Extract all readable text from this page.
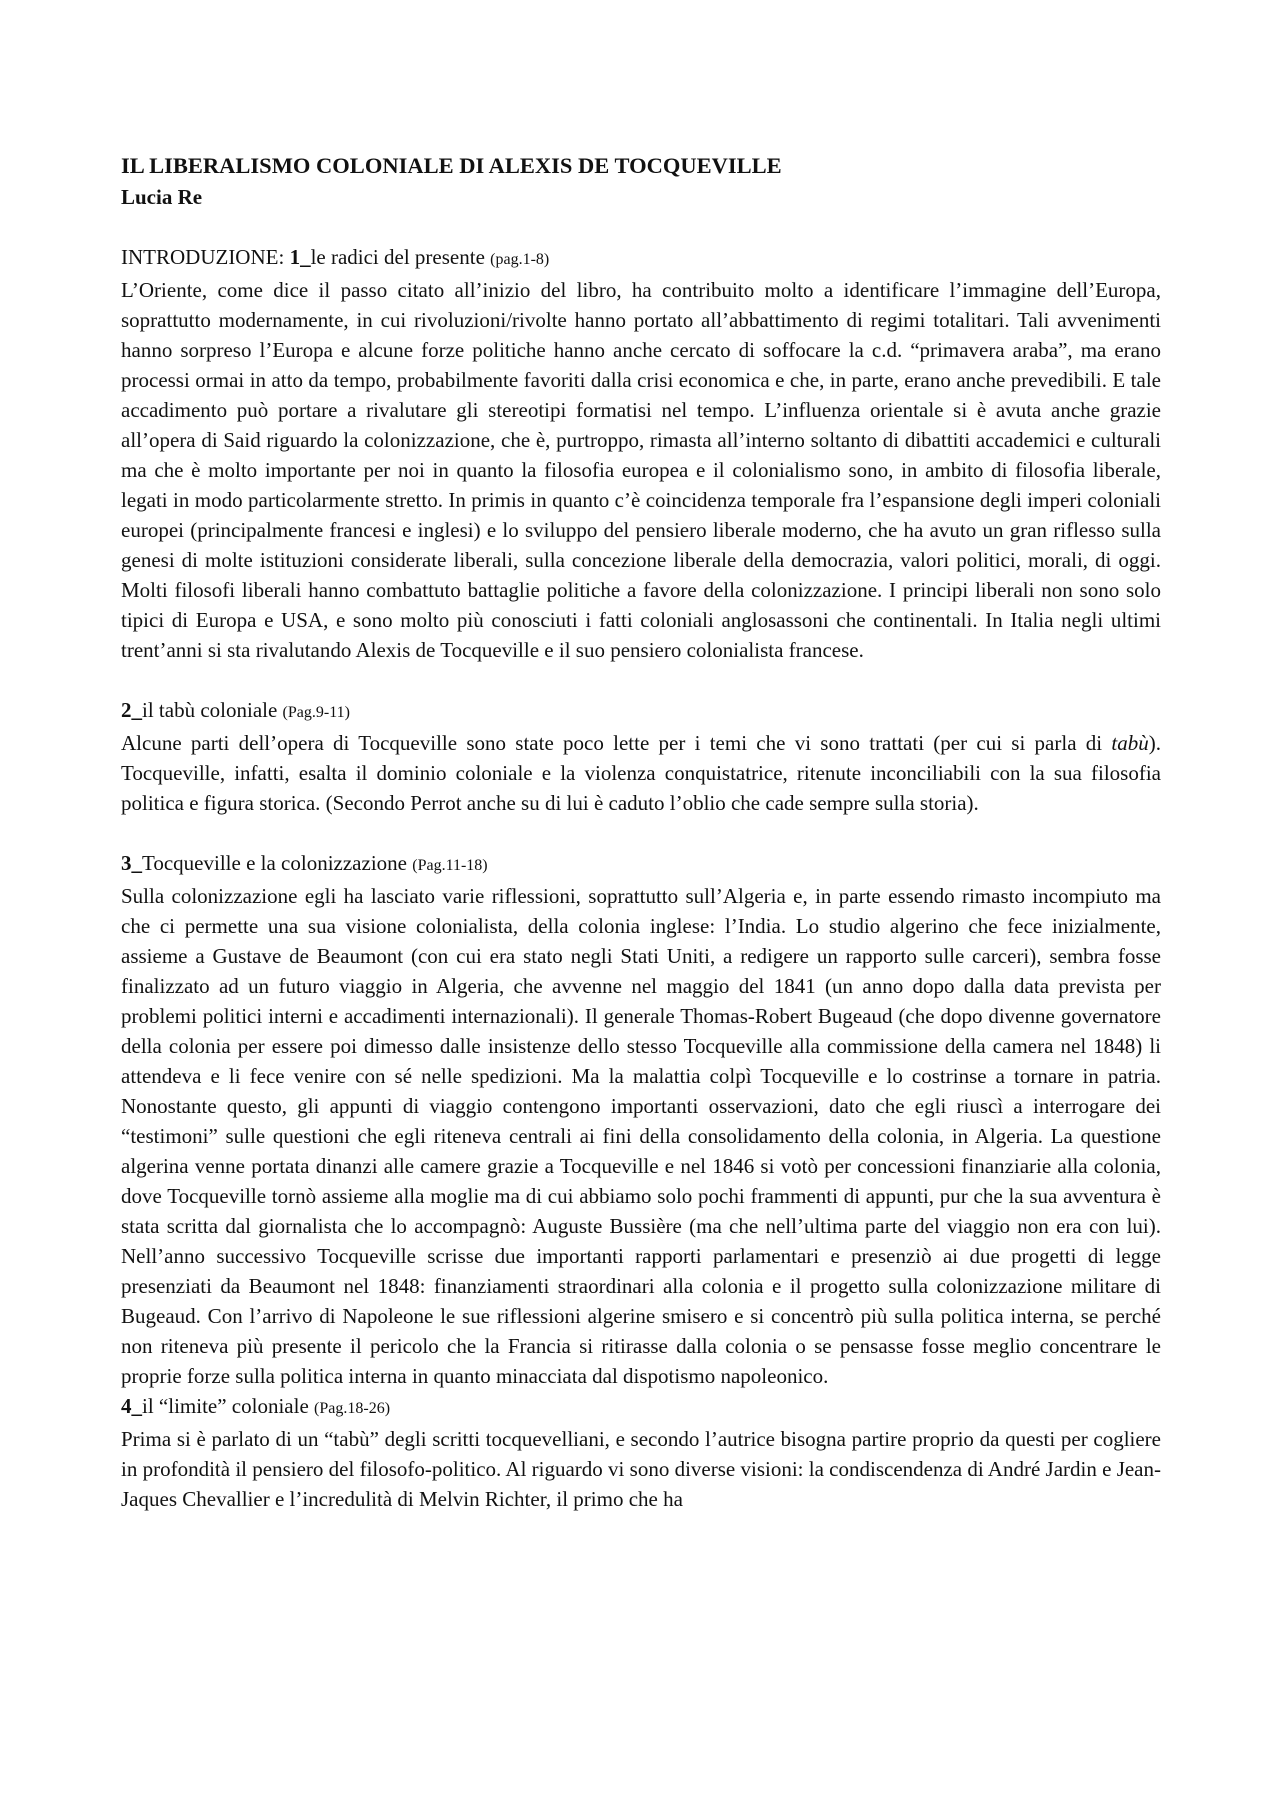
IL LIBERALISMO COLONIALE DI ALEXIS DE TOCQUEVILLE

Lucia Re

INTRODUZIONE: 1_le radici del presente (pag.1-8)

L’Oriente, come dice il passo citato all’inizio del libro, ha contribuito molto a identificare l’immagine dell’Europa, soprattutto modernamente, in cui rivoluzioni/rivolte hanno portato all’abbattimento di regimi totalitari. Tali avvenimenti hanno sorpreso l’Europa e alcune forze politiche hanno anche cercato di soffocare la c.d. “primavera araba”, ma erano processi ormai in atto da tempo, probabilmente favoriti dalla crisi economica e che, in parte, erano anche prevedibili. E tale accadimento può portare a rivalutare gli stereotipi formatisi nel tempo. L’influenza orientale si è avuta anche grazie all’opera di Said riguardo la colonizzazione, che è, purtroppo, rimasta all’interno soltanto di dibattiti accademici e culturali ma che è molto importante per noi in quanto la filosofia europea e il colonialismo sono, in ambito di filosofia liberale, legati in modo particolarmente stretto. In primis in quanto c’è coincidenza temporale fra l’espansione degli imperi coloniali europei (principalmente francesi e inglesi) e lo sviluppo del pensiero liberale moderno, che ha avuto un gran riflesso sulla genesi di molte istituzioni considerate liberali, sulla concezione liberale della democrazia, valori politici, morali, di oggi. Molti filosofi liberali hanno combattuto battaglie politiche a favore della colonizzazione. I principi liberali non sono solo tipici di Europa e USA, e sono molto più conosciuti i fatti coloniali anglosassoni che continentali. In Italia negli ultimi trent’anni si sta rivalutando Alexis de Tocqueville e il suo pensiero colonialista francese.

2_il tabù coloniale (Pag.9-11)

Alcune parti dell’opera di Tocqueville sono state poco lette per i temi che vi sono trattati (per cui si parla di tabù). Tocqueville, infatti, esalta il dominio coloniale e la violenza conquistatrice, ritenute inconciliabili con la sua filosofia politica e figura storica. (Secondo Perrot anche su di lui è caduto l’oblio che cade sempre sulla storia).

3_Tocqueville e la colonizzazione (Pag.11-18)

Sulla colonizzazione egli ha lasciato varie riflessioni, soprattutto sull’Algeria e, in parte essendo rimasto incompiuto ma che ci permette una sua visione colonialista, della colonia inglese: l’India. Lo studio algerino che fece inizialmente, assieme a Gustave de Beaumont (con cui era stato negli Stati Uniti, a redigere un rapporto sulle carceri), sembra fosse finalizzato ad un futuro viaggio in Algeria, che avvenne nel maggio del 1841 (un anno dopo dalla data prevista per problemi politici interni e accadimenti internazionali). Il generale Thomas-Robert Bugeaud (che dopo divenne governatore della colonia per essere poi dimesso dalle insistenze dello stesso Tocqueville alla commissione della camera nel 1848) li attendeva e li fece venire con sé nelle spedizioni. Ma la malattia colpì Tocqueville e lo costrinse a tornare in patria. Nonostante questo, gli appunti di viaggio contengono importanti osservazioni, dato che egli riuscì a interrogare dei “testimoni” sulle questioni che egli riteneva centrali ai fini della consolidamento della colonia, in Algeria. La questione algerina venne portata dinanzi alle camere grazie a Tocqueville e nel 1846 si votò per concessioni finanziarie alla colonia, dove Tocqueville tornò assieme alla moglie ma di cui abbiamo solo pochi frammenti di appunti, pur che la sua avventura è stata scritta dal giornalista che lo accompagnò: Auguste Bussière (ma che nell’ultima parte del viaggio non era con lui). Nell’anno successivo Tocqueville scrisse due importanti rapporti parlamentari e presenziò ai due progetti di legge presenziati da Beaumont nel 1848: finanziamenti straordinari alla colonia e il progetto sulla colonizzazione militare di Bugeaud. Con l’arrivo di Napoleone le sue riflessioni algerine smisero e si concentrò più sulla politica interna, se perché non riteneva più presente il pericolo che la Francia si ritirasse dalla colonia o se pensasse fosse meglio concentrare le proprie forze sulla politica interna in quanto minacciata dal dispotismo napoleonico.

4_il “limite” coloniale (Pag.18-26)

Prima si è parlato di un “tabù” degli scritti tocquevelliani, e secondo l’autrice bisogna partire proprio da questi per cogliere in profondità il pensiero del filosofo-politico. Al riguardo vi sono diverse visioni: la condiscendenza di André Jardin e Jean-Jaques Chevallier e l’incredulità di Melvin Richter, il primo che ha
